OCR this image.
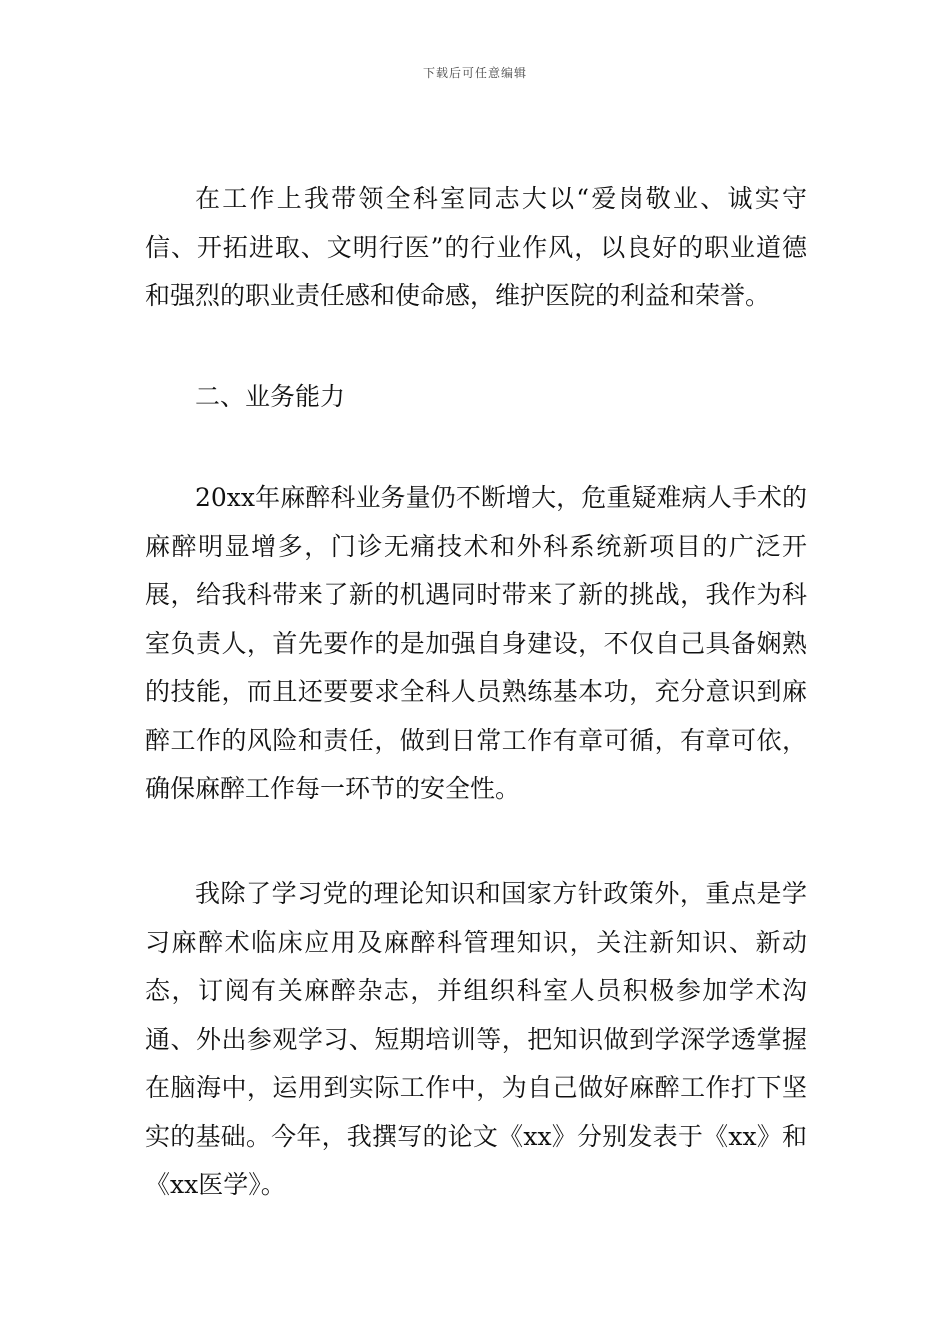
下载后可任意编辑

在工作上我带领全科室同志大以“爱岗敬业、诚实守信、开拓进取、文明行医”的行业作风，以良好的职业道德和强烈的职业责任感和使命感，维护医院的利益和荣誉。

二、业务能力

20xx年麻醉科业务量仍不断增大，危重疑难病人手术的麻醉明显增多，门诊无痛技术和外科系统新项目的广泛开展，给我科带来了新的机遇同时带来了新的挑战，我作为科室负责人，首先要作的是加强自身建设，不仅自己具备娴熟的技能，而且还要要求全科人员熟练基本功，充分意识到麻醉工作的风险和责任，做到日常工作有章可循，有章可依，确保麻醉工作每一环节的安全性。

我除了学习党的理论知识和国家方针政策外，重点是学习麻醉术临床应用及麻醉科管理知识，关注新知识、新动态，订阅有关麻醉杂志，并组织科室人员积极参加学术沟通、外出参观学习、短期培训等，把知识做到学深学透掌握在脑海中，运用到实际工作中，为自己做好麻醉工作打下坚实的基础。今年，我撰写的论文《xx》分别发表于《xx》和《xx医学》。
